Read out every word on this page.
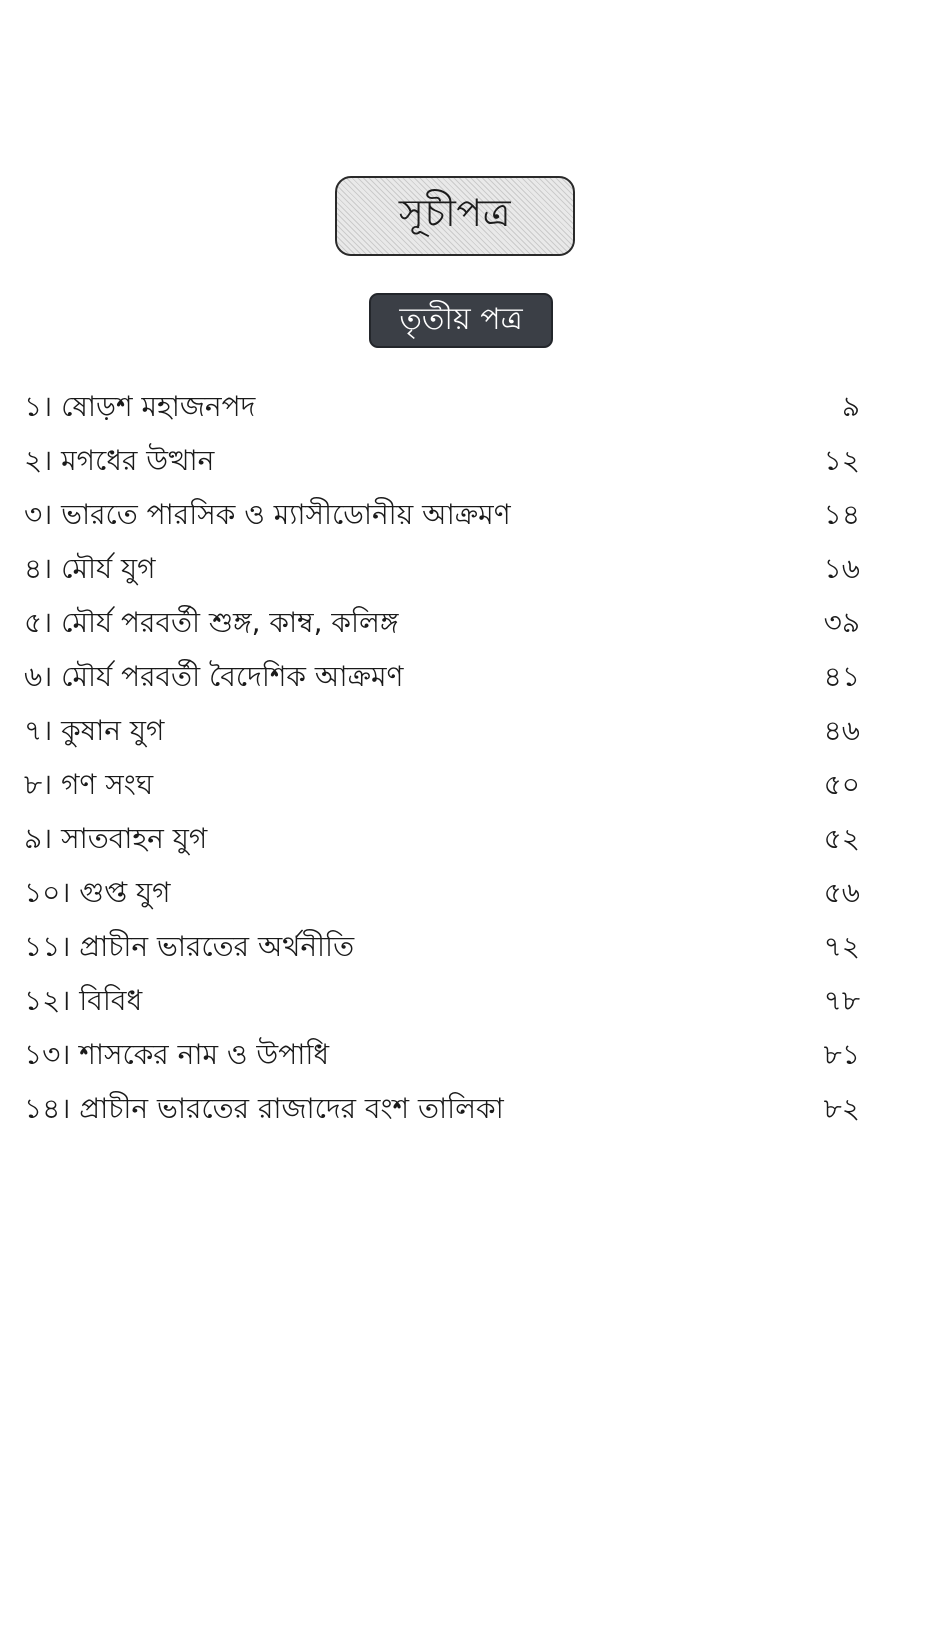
সূচীপত্র
তৃতীয় পত্র
১। ষোড়শ মহাজনপদ	৯
২। মগধের উত্থান	১২
৩। ভারতে পারসিক ও ম্যাসীডোনীয় আক্রমণ	১৪
৪। মৌর্য যুগ	১৬
৫। মৌর্য পরবর্তী শুঙ্গ, কাম্ব, কলিঙ্গ	৩৯
৬। মৌর্য পরবর্তী বৈদেশিক আক্রমণ	৪১
৭। কুষান যুগ	৪৬
৮। গণ সংঘ	৫০
৯। সাতবাহন যুগ	৫২
১০। গুপ্ত যুগ	৫৬
১১। প্রাচীন ভারতের অর্থনীতি	৭২
১২। বিবিধ	৭৮
১৩। শাসকের নাম ও উপাধি	৮১
১৪। প্রাচীন ভারতের রাজাদের বংশ তালিকা	৮২
